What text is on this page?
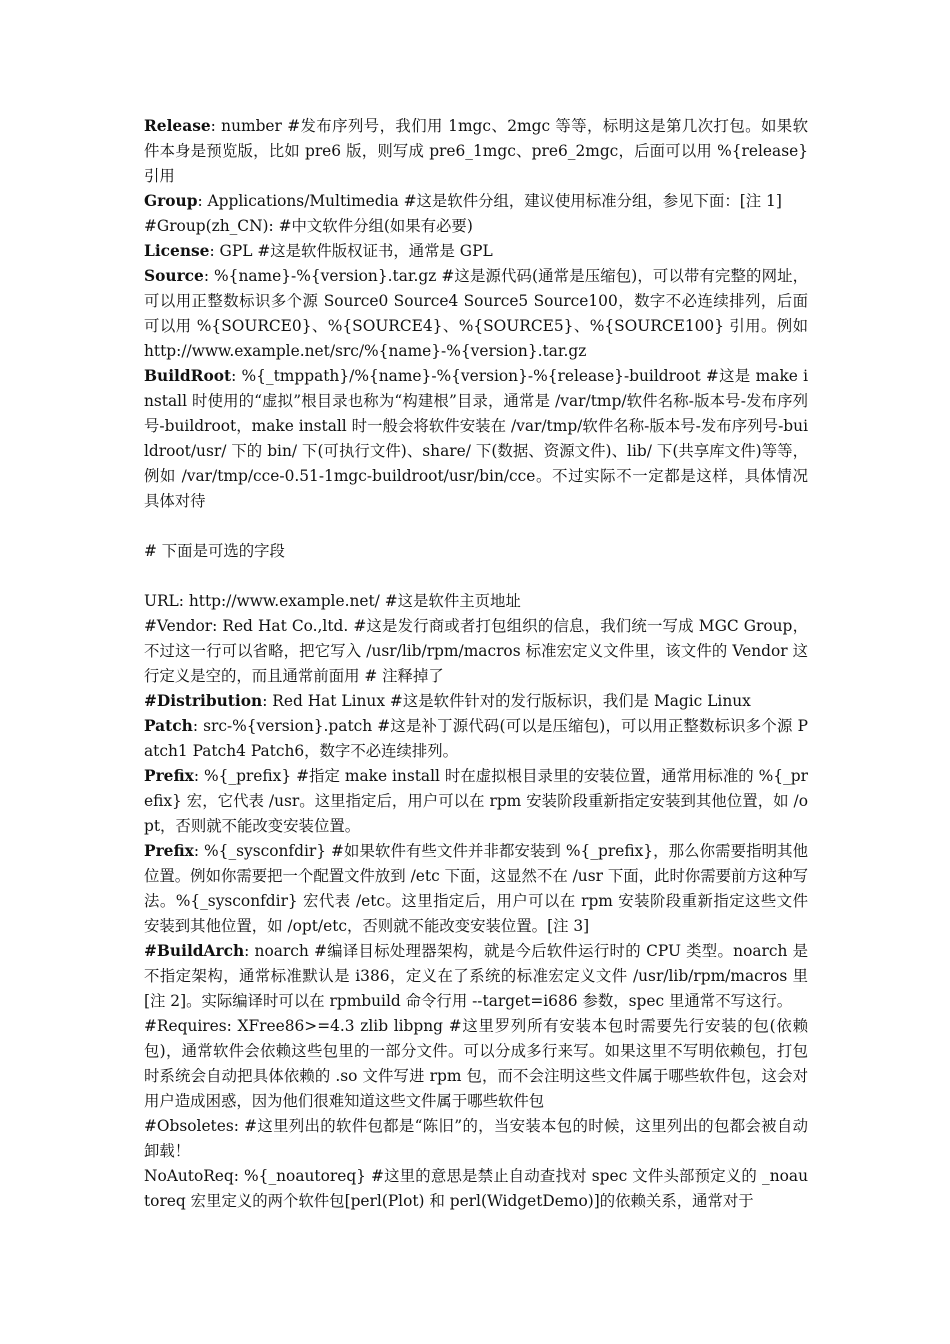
Release: number #发布序列号，我们用 1mgc、2mgc 等等，标明这是第几次打包。如果软件本身是预览版，比如 pre6 版，则写成 pre6_1mgc、pre6_2mgc，后面可以用 %{release} 引用

Group: Applications/Multimedia #这是软件分组，建议使用标准分组，参见下面：[注 1]

#Group(zh_CN): #中文软件分组(如果有必要)

License: GPL #这是软件版权证书，通常是 GPL

Source: %{name}-%{version}.tar.gz #这是源代码(通常是压缩包)，可以带有完整的网址，可以用正整数标识多个源 Source0 Source4 Source5 Source100，数字不必连续排列，后面可以用 %{SOURCE0}、%{SOURCE4}、%{SOURCE5}、%{SOURCE100} 引用。例如 http://www.example.net/src/%{name}-%{version}.tar.gz

BuildRoot: %{_tmppath}/%{name}-%{version}-%{release}-buildroot #这是 make install 时使用的“虚拟”根目录也称为“构建根”目录，通常是 /var/tmp/软件名称-版本号-发布序列号-buildroot，make install 时一般会将软件安装在 /var/tmp/软件名称-版本号-发布序列号-buildroot/usr/ 下的 bin/ 下(可执行文件)、share/ 下(数据、资源文件)、lib/ 下(共享库文件)等等，例如 /var/tmp/cce-0.51-1mgc-buildroot/usr/bin/cce。不过实际不一定都是这样，具体情况具体对待

# 下面是可选的字段

URL: http://www.example.net/ #这是软件主页地址

#Vendor: Red Hat Co.,ltd. #这是发行商或者打包组织的信息，我们统一写成 MGC Group，不过这一行可以省略，把它写入 /usr/lib/rpm/macros 标准宏定义文件里，该文件的 Vendor 这行定义是空的，而且通常前面用 # 注释掉了

#Distribution: Red Hat Linux #这是软件针对的发行版标识，我们是 Magic Linux

Patch: src-%{version}.patch #这是补丁源代码(可以是压缩包)，可以用正整数标识多个源 Patch1 Patch4 Patch6，数字不必连续排列。

Prefix: %{_prefix} #指定 make install 时在虚拟根目录里的安装位置，通常用标准的 %{_prefix} 宏，它代表 /usr。这里指定后，用户可以在 rpm 安装阶段重新指定安装到其他位置，如 /opt，否则就不能改变安装位置。

Prefix: %{_sysconfdir} #如果软件有些文件并非都安装到 %{_prefix}，那么你需要指明其他位置。例如你需要把一个配置文件放到 /etc 下面，这显然不在 /usr 下面，此时你需要前方这种写法。%{_sysconfdir} 宏代表 /etc。这里指定后，用户可以在 rpm 安装阶段重新指定这些文件安装到其他位置，如 /opt/etc，否则就不能改变安装位置。[注 3]

#BuildArch: noarch #编译目标处理器架构，就是今后软件运行时的 CPU 类型。noarch 是不指定架构，通常标准默认是 i386，定义在了系统的标准宏定义文件 /usr/lib/rpm/macros 里[注 2]。实际编译时可以在 rpmbuild 命令行用 --target=i686 参数，spec 里通常不写这行。

#Requires: XFree86>=4.3 zlib libpng #这里罗列所有安装本包时需要先行安装的包(依赖包)，通常软件会依赖这些包里的一部分文件。可以分成多行来写。如果这里不写明依赖包，打包时系统会自动把具体依赖的 .so 文件写进 rpm 包，而不会注明这些文件属于哪些软件包，这会对用户造成困惑，因为他们很难知道这些文件属于哪些软件包

#Obsoletes: #这里列出的软件包都是“陈旧”的，当安装本包的时候，这里列出的包都会被自动卸载！

NoAutoReq: %{_noautoreq} #这里的意思是禁止自动查找对 spec 文件头部预定义的 _noautoreq 宏里定义的两个软件包[perl(Plot) 和 perl(WidgetDemo)]的依赖关系，通常对于
